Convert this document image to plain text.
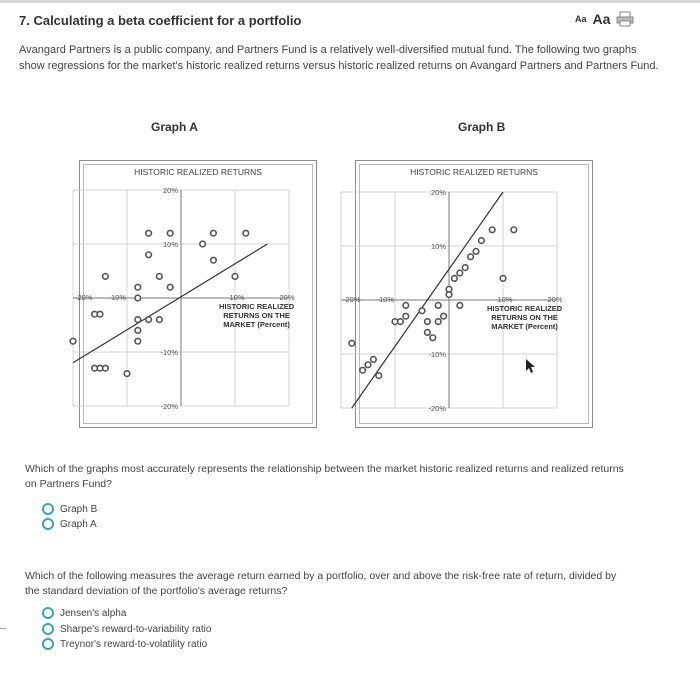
7. Calculating a beta coefficient for a portfolio	Aa Aa
Avangard Partners is a public company, and Partners Fund is a relatively well-diversified mutual fund. The following two graphs show regressions for the market's historic realized returns versus historic realized returns on Avangard Partners and Partners Fund.
Graph A	Graph B
HISTORIC REALIZED RETURNS
20%
10%
-10%
-20%
-20% -10%	10%	20%
HISTORIC REALIZED
RETURNS ON THE
MARKET (Percent)
HISTORIC REALIZED RETURNS
20%
10%
-10%
-20%
-20% -10%	10%	20%
HISTORIC REALIZED
RETURNS ON THE
MARKET (Percent)
Which of the graphs most accurately represents the relationship between the market historic realized returns and realized returns on Partners Fund?
Graph B
Graph A
Which of the following measures the average return earned by a portfolio, over and above the risk-free rate of return, divided by the standard deviation of the portfolio's average returns?
Jensen's alpha
Sharpe's reward-to-variability ratio
Treynor's reward-to-volatility ratio
